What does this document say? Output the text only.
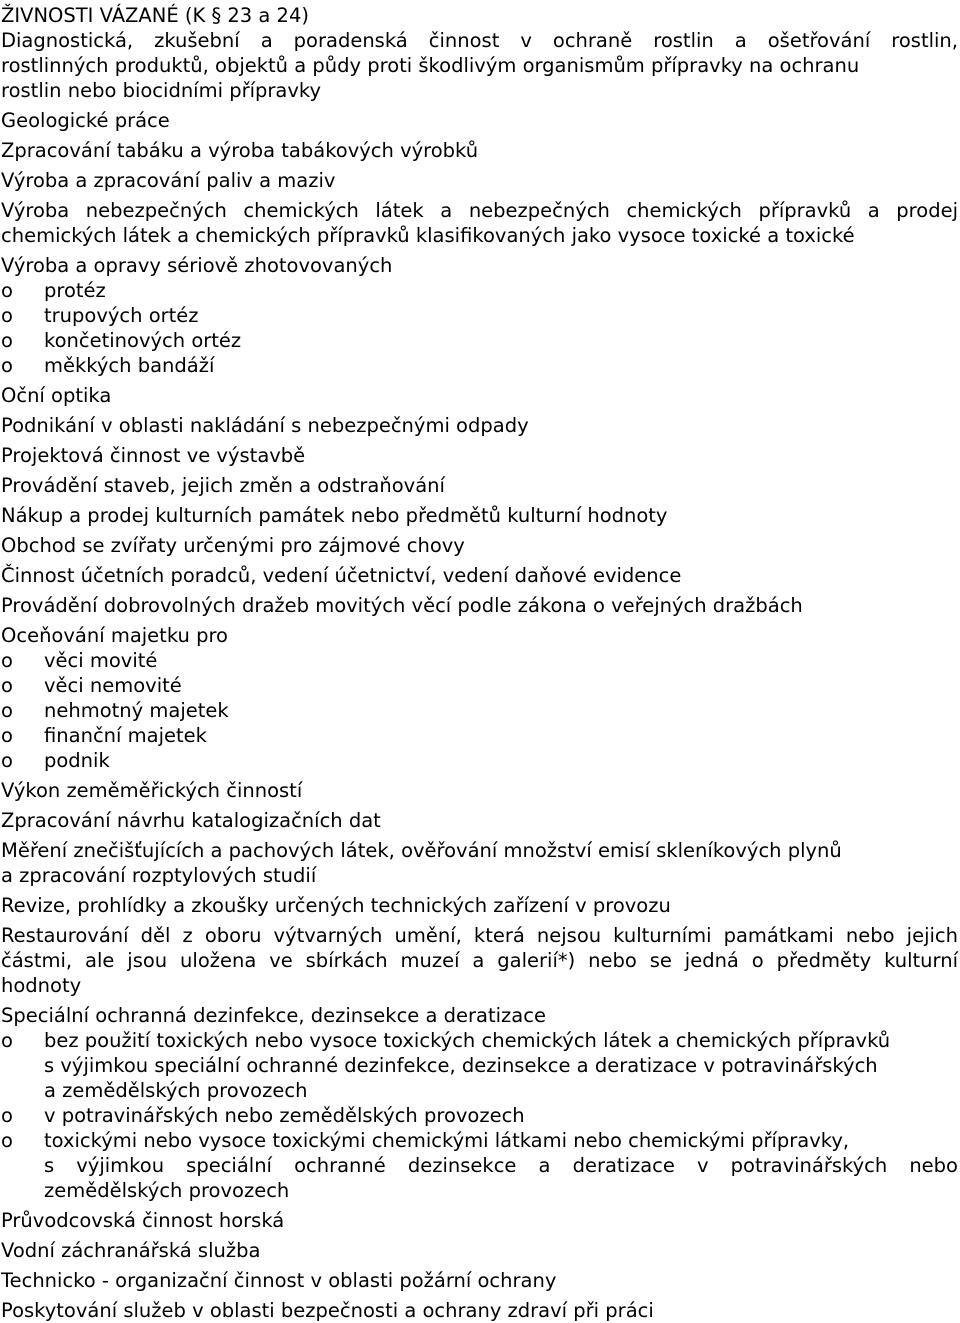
ŽIVNOSTI VÁZANÉ (K § 23 a 24)
Diagnostická, zkušební a poradenská činnost v ochraně rostlin a ošetřování rostlin,
rostlinných produktů, objektů a půdy proti škodlivým organismům přípravky na ochranu
rostlin nebo biocidními přípravky
Geologické práce
Zpracování tabáku a výroba tabákových výrobků
Výroba a zpracování paliv a maziv
Výroba nebezpečných chemických látek a nebezpečných chemických přípravků a prodej
chemických látek a chemických přípravků klasifikovaných jako vysoce toxické a toxické
Výroba a opravy sériově zhotovovaných
o protéz
o trupových ortéz
o končetinových ortéz
o měkkých bandáží
Oční optika
Podnikání v oblasti nakládání s nebezpečnými odpady
Projektová činnost ve výstavbě
Provádění staveb, jejich změn a odstraňování
Nákup a prodej kulturních památek nebo předmětů kulturní hodnoty
Obchod se zvířaty určenými pro zájmové chovy
Činnost účetních poradců, vedení účetnictví, vedení daňové evidence
Provádění dobrovolných dražeb movitých věcí podle zákona o veřejných dražbách
Oceňování majetku pro
o věci movité
o věci nemovité
o nehmotný majetek
o finanční majetek
o podnik
Výkon zeměměřických činností
Zpracování návrhu katalogizačních dat
Měření znečišťujících a pachových látek, ověřování množství emisí skleníkových plynů
a zpracování rozptylových studií
Revize, prohlídky a zkoušky určených technických zařízení v provozu
Restaurování děl z oboru výtvarných umění, která nejsou kulturními památkami nebo jejich
částmi, ale jsou uložena ve sbírkách muzeí a galerií*) nebo se jedná o předměty kulturní
hodnoty
Speciální ochranná dezinfekce, dezinsekce a deratizace
o bez použití toxických nebo vysoce toxických chemických látek a chemických přípravků
s výjimkou speciální ochranné dezinfekce, dezinsekce a deratizace v potravinářských
a zemědělských provozech
o v potravinářských nebo zemědělských provozech
o toxickými nebo vysoce toxickými chemickými látkami nebo chemickými přípravky,
s výjimkou speciální ochranné dezinsekce a deratizace v potravinářských nebo
zemědělských provozech
Průvodcovská činnost horská
Vodní záchranářská služba
Technicko - organizační činnost v oblasti požární ochrany
Poskytování služeb v oblasti bezpečnosti a ochrany zdraví při práci
